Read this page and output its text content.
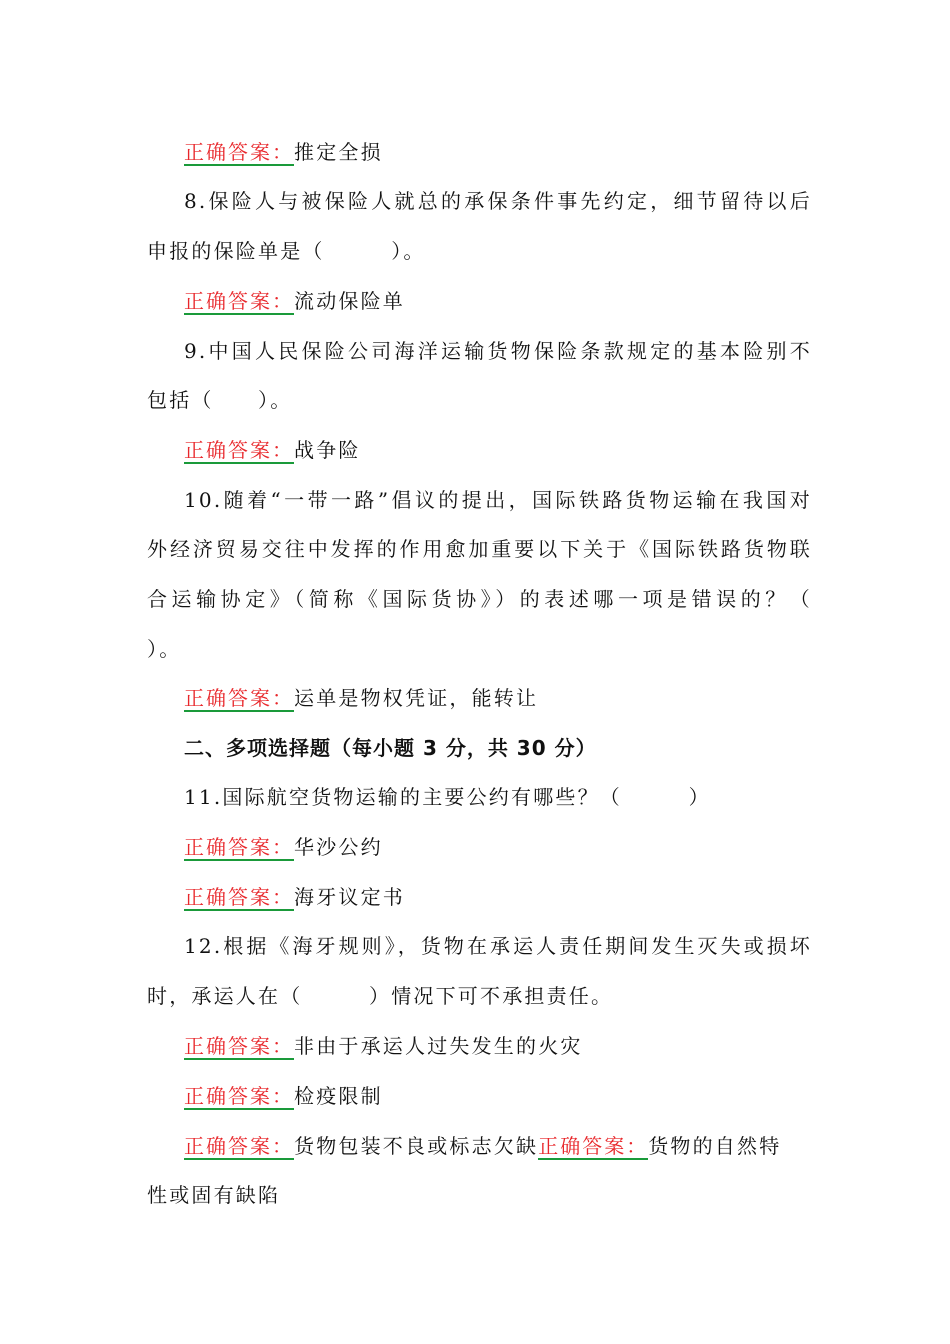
正确答案：推定全损
8.保险人与被保险人就总的承保条件事先约定，细节留待以后
申报的保险单是（　　　）。
正确答案：流动保险单
9.中国人民保险公司海洋运输货物保险条款规定的基本险别不
包括（　　）。
正确答案：战争险
10.随着“一带一路”倡议的提出，国际铁路货物运输在我国对
外经济贸易交往中发挥的作用愈加重要以下关于《国际铁路货物联
合运输协定》（简称《国际货协》）的表述哪一项是错误的？（
）。
正确答案：运单是物权凭证，能转让
二、多项选择题（每小题 3 分，共 30 分）
11.国际航空货物运输的主要公约有哪些？（　　　）
正确答案：华沙公约
正确答案：海牙议定书
12.根据《海牙规则》，货物在承运人责任期间发生灭失或损坏
时，承运人在（　　　）情况下可不承担责任。
正确答案：非由于承运人过失发生的火灾
正确答案：检疫限制
正确答案：货物包装不良或标志欠缺正确答案：货物的自然特
性或固有缺陷
